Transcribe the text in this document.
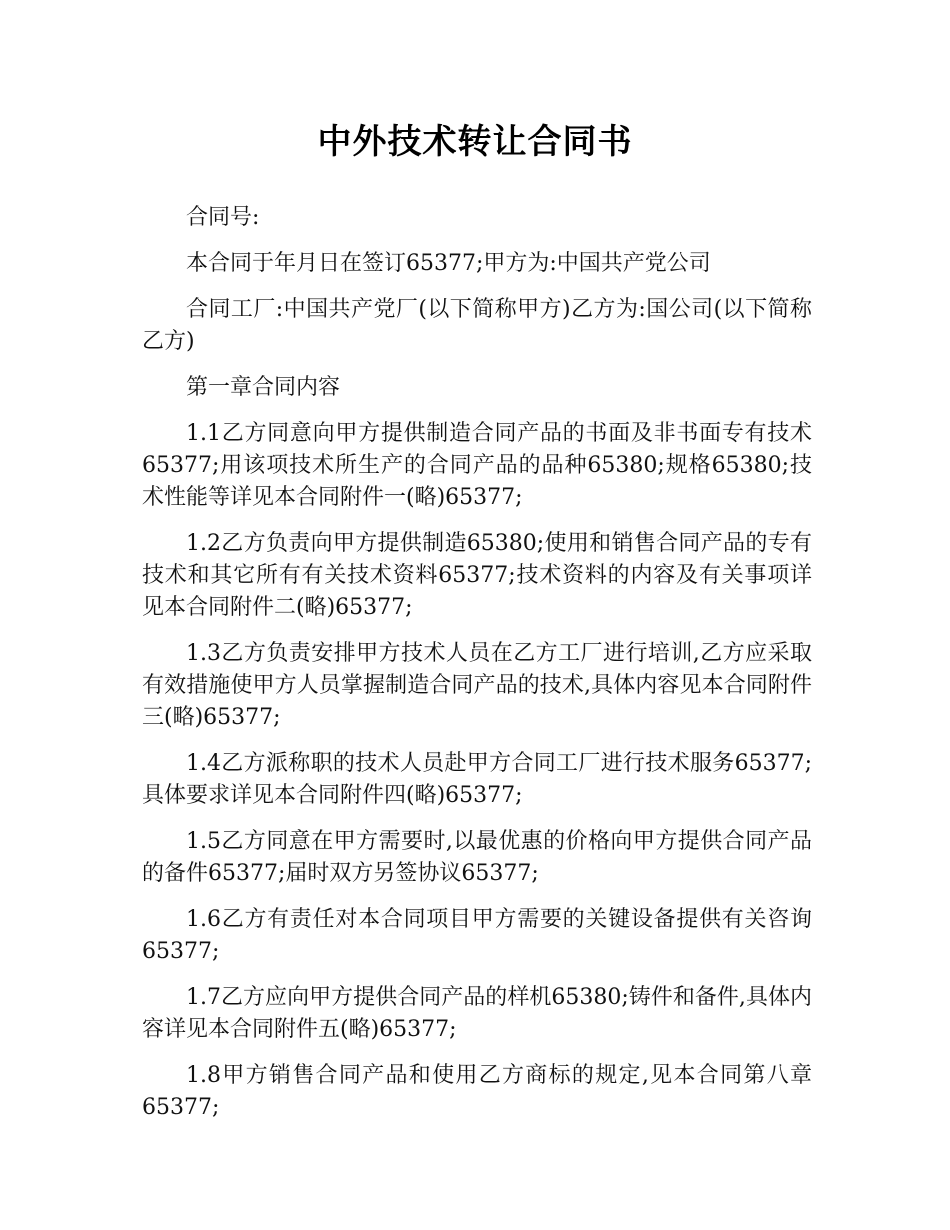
中外技术转让合同书

合同号:

本合同于年月日在签订65377;甲方为:中国共产党公司

合同工厂:中国共产党厂(以下简称甲方)乙方为:国公司(以下简称乙方)

第一章合同内容

1.1乙方同意向甲方提供制造合同产品的书面及非书面专有技术65377;用该项技术所生产的合同产品的品种65380;规格65380;技术性能等详见本合同附件一(略)65377;

1.2乙方负责向甲方提供制造65380;使用和销售合同产品的专有技术和其它所有有关技术资料65377;技术资料的内容及有关事项详见本合同附件二(略)65377;

1.3乙方负责安排甲方技术人员在乙方工厂进行培训,乙方应采取有效措施使甲方人员掌握制造合同产品的技术,具体内容见本合同附件三(略)65377;

1.4乙方派称职的技术人员赴甲方合同工厂进行技术服务65377;具体要求详见本合同附件四(略)65377;

1.5乙方同意在甲方需要时,以最优惠的价格向甲方提供合同产品的备件65377;届时双方另签协议65377;

1.6乙方有责任对本合同项目甲方需要的关键设备提供有关咨询65377;

1.7乙方应向甲方提供合同产品的样机65380;铸件和备件,具体内容详见本合同附件五(略)65377;

1.8甲方销售合同产品和使用乙方商标的规定,见本合同第八章65377;
